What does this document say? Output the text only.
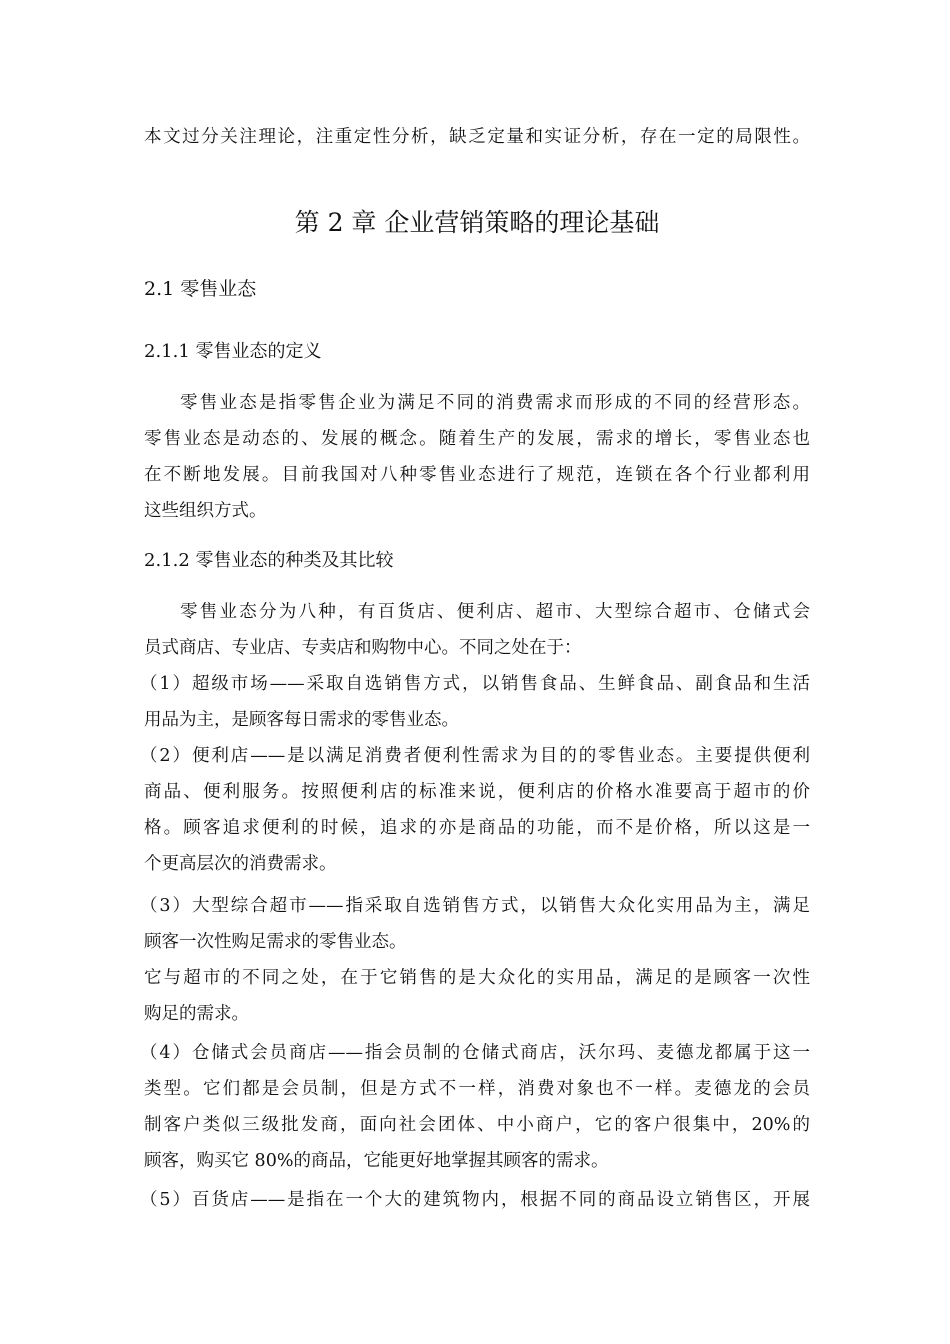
本文过分关注理论，注重定性分析，缺乏定量和实证分析，存在一定的局限性。
第 2 章 企业营销策略的理论基础
2.1 零售业态
2.1.1 零售业态的定义
零售业态是指零售企业为满足不同的消费需求而形成的不同的经营形态。
零售业态是动态的、发展的概念。随着生产的发展，需求的增长，零售业态也
在不断地发展。目前我国对八种零售业态进行了规范，连锁在各个行业都利用
这些组织方式。
2.1.2 零售业态的种类及其比较
零售业态分为八种，有百货店、便利店、超市、大型综合超市、仓储式会
员式商店、专业店、专卖店和购物中心。不同之处在于：
（1）超级市场——采取自选销售方式，以销售食品、生鲜食品、副食品和生活
用品为主，是顾客每日需求的零售业态。
（2）便利店——是以满足消费者便利性需求为目的的零售业态。主要提供便利
商品、便利服务。按照便利店的标准来说，便利店的价格水准要高于超市的价
格。顾客追求便利的时候，追求的亦是商品的功能，而不是价格，所以这是一
个更高层次的消费需求。
（3）大型综合超市——指采取自选销售方式，以销售大众化实用品为主，满足
顾客一次性购足需求的零售业态。
它与超市的不同之处，在于它销售的是大众化的实用品，满足的是顾客一次性
购足的需求。
（4）仓储式会员商店——指会员制的仓储式商店，沃尔玛、麦德龙都属于这一
类型。它们都是会员制，但是方式不一样，消费对象也不一样。麦德龙的会员
制客户类似三级批发商，面向社会团体、中小商户，它的客户很集中，20%的
顾客，购买它 80%的商品，它能更好地掌握其顾客的需求。
（5）百货店——是指在一个大的建筑物内，根据不同的商品设立销售区，开展
